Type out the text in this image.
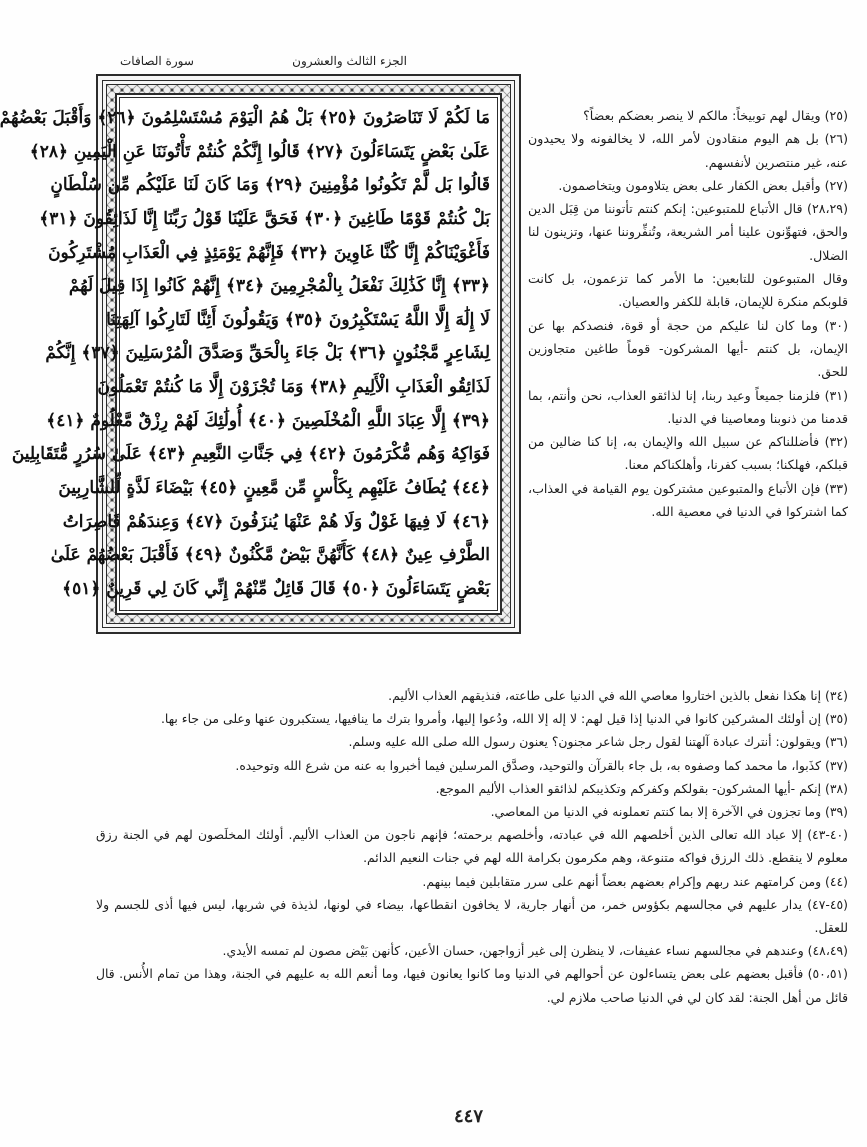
سورة الصافات	الجزء الثالث والعشرون
مَا لَكُمْ لَا تَنَاصَرُونَ ﴿٢٥﴾ بَلْ هُمُ الْيَوْمَ مُسْتَسْلِمُونَ ﴿٢٦﴾ وَأَقْبَلَ بَعْضُهُمْ
عَلَىٰ بَعْضٍ يَتَسَاءَلُونَ ﴿٢٧﴾ قَالُوا إِنَّكُمْ كُنتُمْ تَأْتُونَنَا عَنِ الْيَمِينِ ﴿٢٨﴾
قَالُوا بَل لَّمْ تَكُونُوا مُؤْمِنِينَ ﴿٢٩﴾ وَمَا كَانَ لَنَا عَلَيْكُم مِّن سُلْطَانٍ
بَلْ كُنتُمْ قَوْمًا طَاغِينَ ﴿٣٠﴾ فَحَقَّ عَلَيْنَا قَوْلُ رَبِّنَا إِنَّا لَذَائِقُونَ ﴿٣١﴾
فَأَغْوَيْنَاكُمْ إِنَّا كُنَّا غَاوِينَ ﴿٣٢﴾ فَإِنَّهُمْ يَوْمَئِذٍ فِي الْعَذَابِ مُشْتَرِكُونَ
﴿٣٣﴾ إِنَّا كَذَٰلِكَ نَفْعَلُ بِالْمُجْرِمِينَ ﴿٣٤﴾ إِنَّهُمْ كَانُوا إِذَا قِيلَ لَهُمْ
لَا إِلَٰهَ إِلَّا اللَّهُ يَسْتَكْبِرُونَ ﴿٣٥﴾ وَيَقُولُونَ أَئِنَّا لَتَارِكُوا آلِهَتِنَا
لِشَاعِرٍ مَّجْنُونٍ ﴿٣٦﴾ بَلْ جَاءَ بِالْحَقِّ وَصَدَّقَ الْمُرْسَلِينَ ﴿٣٧﴾ إِنَّكُمْ
لَذَائِقُو الْعَذَابِ الْأَلِيمِ ﴿٣٨﴾ وَمَا تُجْزَوْنَ إِلَّا مَا كُنتُمْ تَعْمَلُونَ
﴿٣٩﴾ إِلَّا عِبَادَ اللَّهِ الْمُخْلَصِينَ ﴿٤٠﴾ أُولَٰئِكَ لَهُمْ رِزْقٌ مَّعْلُومٌ ﴿٤١﴾
فَوَاكِهُ وَهُم مُّكْرَمُونَ ﴿٤٢﴾ فِي جَنَّاتِ النَّعِيمِ ﴿٤٣﴾ عَلَىٰ سُرُرٍ مُّتَقَابِلِينَ
﴿٤٤﴾ يُطَافُ عَلَيْهِم بِكَأْسٍ مِّن مَّعِينٍ ﴿٤٥﴾ بَيْضَاءَ لَذَّةٍ لِّلشَّارِبِينَ
﴿٤٦﴾ لَا فِيهَا غَوْلٌ وَلَا هُمْ عَنْهَا يُنزَفُونَ ﴿٤٧﴾ وَعِندَهُمْ قَاصِرَاتُ
الطَّرْفِ عِينٌ ﴿٤٨﴾ كَأَنَّهُنَّ بَيْضٌ مَّكْنُونٌ ﴿٤٩﴾ فَأَقْبَلَ بَعْضُهُمْ عَلَىٰ
بَعْضٍ يَتَسَاءَلُونَ ﴿٥٠﴾ قَالَ قَائِلٌ مِّنْهُمْ إِنِّي كَانَ لِي قَرِينٌ ﴿٥١﴾

(٢٥) ويقال لهم توبيخاً: مالكم لا ينصر بعضكم بعضاً؟

(٢٦) بل هم اليوم منقادون لأمر الله، لا يخالفونه ولا يحيدون عنه، غير منتصرين لأنفسهم.

(٢٧) وأقبل بعض الكفار على بعض يتلاومون ويتخاصمون.

(٢٨،٢٩) قال الأتباع للمتبوعين: إنكم كنتم تأتوننا من قِبَل الدين والحق، فتهوِّنون علينا أمر الشريعة، وتُنفِّروننا عنها، وتزينون لنا الضلال.

وقال المتبوعون للتابعين: ما الأمر كما تزعمون، بل كانت قلوبكم منكرة للإيمان، قابلة للكفر والعصيان.

(٣٠) وما كان لنا عليكم من حجة أو قوة، فنصدكم بها عن الإيمان، بل كنتم -أيها المشركون- قوماً طاغين متجاوزين للحق.

(٣١) فلزمنا جميعاً وعيد ربنا، إنا لذائقو العذاب، نحن وأنتم، بما قدمنا من ذنوبنا ومعاصينا في الدنيا.

(٣٢) فأضللناكم عن سبيل الله والإيمان به، إنا كنا ضالين من قبلكم، فهلكنا؛ بسبب كفرنا، وأهلكناكم معنا.

(٣٣) فإن الأتباع والمتبوعين مشتركون يوم القيامة في العذاب، كما اشتركوا في الدنيا في معصية الله.

(٣٤) إنا هكذا نفعل بالذين اختاروا معاصي الله في الدنيا على طاعته، فنذيقهم العذاب الأليم.

(٣٥) إن أولئك المشركين كانوا في الدنيا إذا قيل لهم: لا إله إلا الله، ودُعوا إليها، وأمروا بترك ما ينافيها، يستكبرون عنها وعلى من جاء بها.

(٣٦) ويقولون: أنترك عبادة آلهتنا لقول رجل شاعر مجنون؟ يعنون رسول الله صلى الله عليه وسلم.

(٣٧) كذَبوا، ما محمد كما وصفوه به، بل جاء بالقرآن والتوحيد، وصدَّق المرسلين فيما أخبروا به عنه من شرع الله وتوحيده.

(٣٨) إنكم -أيها المشركون- بقولكم وكفركم وتكذيبكم لذائقو العذاب الأليم الموجع.

(٣٩) وما تجزون في الآخرة إلا بما كنتم تعملونه في الدنيا من المعاصي.

(٤٠-٤٣) إلا عباد الله تعالى الذين أخلصهم الله في عبادته، وأخلصهم برحمته؛ فإنهم ناجون من العذاب الأليم. أولئك المخلَصون لهم في الجنة رزق معلوم لا ينقطع. ذلك الرزق فواكه متنوعة، وهم مكرمون بكرامة الله لهم في جنات النعيم الدائم.

(٤٤) ومن كرامتهم عند ربهم وإكرام بعضهم بعضاً أنهم على سرر متقابلين فيما بينهم.

(٤٥-٤٧) يدار عليهم في مجالسهم بكؤوس خمر، من أنهار جارية، لا يخافون انقطاعها، بيضاء في لونها، لذيذة في شربها، ليس فيها أذى للجسم ولا للعقل.

(٤٨،٤٩) وعندهم في مجالسهم نساء عفيفات، لا ينظرن إلى غير أزواجهن، حسان الأعين، كأنهن بَيْض مصون لم تمسه الأيدي.

(٥٠،٥١) فأقبل بعضهم على بعض يتساءلون عن أحوالهم في الدنيا وما كانوا يعانون فيها، وما أنعم الله به عليهم في الجنة، وهذا من تمام الأُنس. قال قائل من أهل الجنة: لقد كان لي في الدنيا صاحب ملازم لي.

٤٤٧
